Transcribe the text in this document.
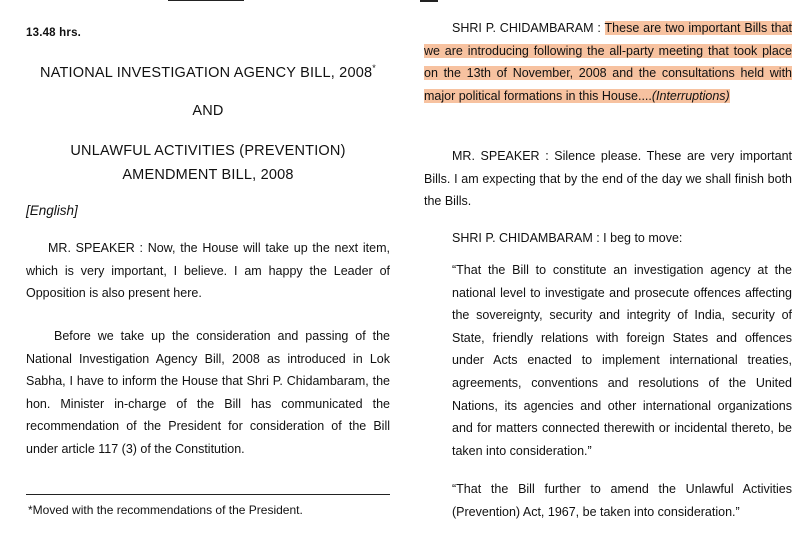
13.48 hrs.
NATIONAL INVESTIGATION AGENCY BILL, 2008*
AND
UNLAWFUL ACTIVITIES (PREVENTION)
AMENDMENT BILL, 2008
[English]
MR. SPEAKER : Now, the House will take up the next item, which is very important, I believe. I am happy the Leader of Opposition is also present here.
Before we take up the consideration and passing of the National Investigation Agency Bill, 2008 as introduced in Lok Sabha, I have to inform the House that Shri P. Chidambaram, the hon. Minister in-charge of the Bill has communicated the recommendation of the President for consideration of the Bill under article 117 (3) of the Constitution.
*Moved with the recommendations of the President.
SHRI P. CHIDAMBARAM : These are two important Bills that we are introducing following the all-party meeting that took place on the 13th of November, 2008 and the consultations held with major political formations in this House....(Interruptions)
MR. SPEAKER : Silence please. These are very important Bills. I am expecting that by the end of the day we shall finish both the Bills.
SHRI P. CHIDAMBARAM : I beg to move:
“That the Bill to constitute an investigation agency at the national level to investigate and prosecute offences affecting the sovereignty, security and integrity of India, security of State, friendly relations with foreign States and offences under Acts enacted to implement international treaties, agreements, conventions and resolutions of the United Nations, its agencies and other international organizations and for matters connected therewith or incidental thereto, be taken into consideration.”
“That the Bill further to amend the Unlawful Activities (Prevention) Act, 1967, be taken into consideration.”
